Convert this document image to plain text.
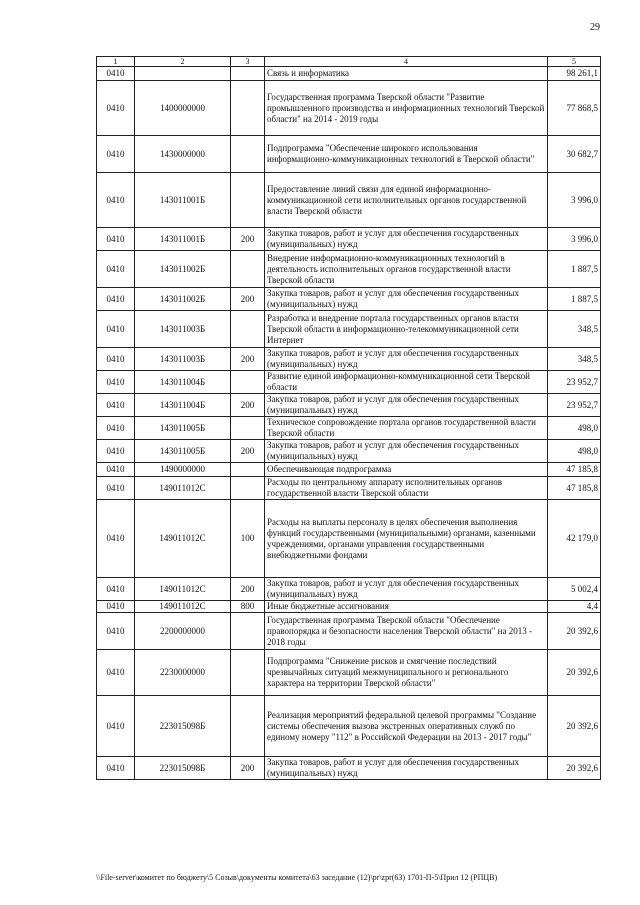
29
1	2	3	4	5
0410			Связь и информатика	98 261,1
0410	1400000000		Государственная программа Тверской области "Развитие промышленного производства и информационных технологий Тверской области" на 2014 - 2019 годы	77 868,5
0410	1430000000		Подпрограмма "Обеспечение широкого использования информационно-коммуникационных технологий в Тверской области"	30 682,7
0410	143011001Б		Предоставление линий связи для единой информационно-коммуникационной сети исполнительных органов государственной власти Тверской области	3 996,0
0410	143011001Б	200	Закупка товаров, работ и услуг для обеспечения государственных (муниципальных) нужд	3 996,0
0410	143011002Б		Внедрение информационно-коммуникационных технологий в деятельность исполнительных органов государственной власти Тверской области	1 887,5
0410	143011002Б	200	Закупка товаров, работ и услуг для обеспечения государственных (муниципальных) нужд	1 887,5
0410	143011003Б		Разработка и внедрение портала государственных органов власти Тверской области в информационно-телекоммуникационной сети Интернет	348,5
0410	143011003Б	200	Закупка товаров, работ и услуг для обеспечения государственных (муниципальных) нужд	348,5
0410	143011004Б		Развитие единой информационно-коммуникационной сети Тверской области	23 952,7
0410	143011004Б	200	Закупка товаров, работ и услуг для обеспечения государственных (муниципальных) нужд	23 952,7
0410	143011005Б		Техническое сопровождение портала органов государственной власти Тверской области	498,0
0410	143011005Б	200	Закупка товаров, работ и услуг для обеспечения государственных (муниципальных) нужд	498,0
0410	1490000000		Обеспечивающая подпрограмма	47 185,8
0410	149011012С		Расходы по центральному аппарату исполнительных органов государственной власти Тверской области	47 185,8
0410	149011012С	100	Расходы на выплаты персоналу в целях обеспечения выполнения функций государственными (муниципальными) органами, казенными учреждениями, органами управления государственными внебюджетными фондами	42 179,0
0410	149011012С	200	Закупка товаров, работ и услуг для обеспечения государственных (муниципальных) нужд	5 002,4
0410	149011012С	800	Иные бюджетные ассигнования	4,4
0410	2200000000		Государственная программа Тверской области "Обеспечение правопорядка и безопасности населения Тверской области" на 2013 - 2018 годы	20 392,6
0410	2230000000		Подпрограмма "Снижение рисков и смягчение последствий чрезвычайных ситуаций межмуниципального и регионального характера на территории Тверской области"	20 392,6
0410	223015098Б		Реализация мероприятий федеральной целевой программы "Создание системы обеспечения вызова экстренных оперативных служб по единому номеру "112" в Российской Федерации на 2013 - 2017 годы"	20 392,6
0410	223015098Б	200	Закупка товаров, работ и услуг для обеспечения государственных (муниципальных) нужд	20 392,6
\\File-server\комитет по бюджету\5 Созыв\документы комитета\63 заседание (12)\pr\zpr(63) 1701-П-5\Прил 12 (РПЦВ)
